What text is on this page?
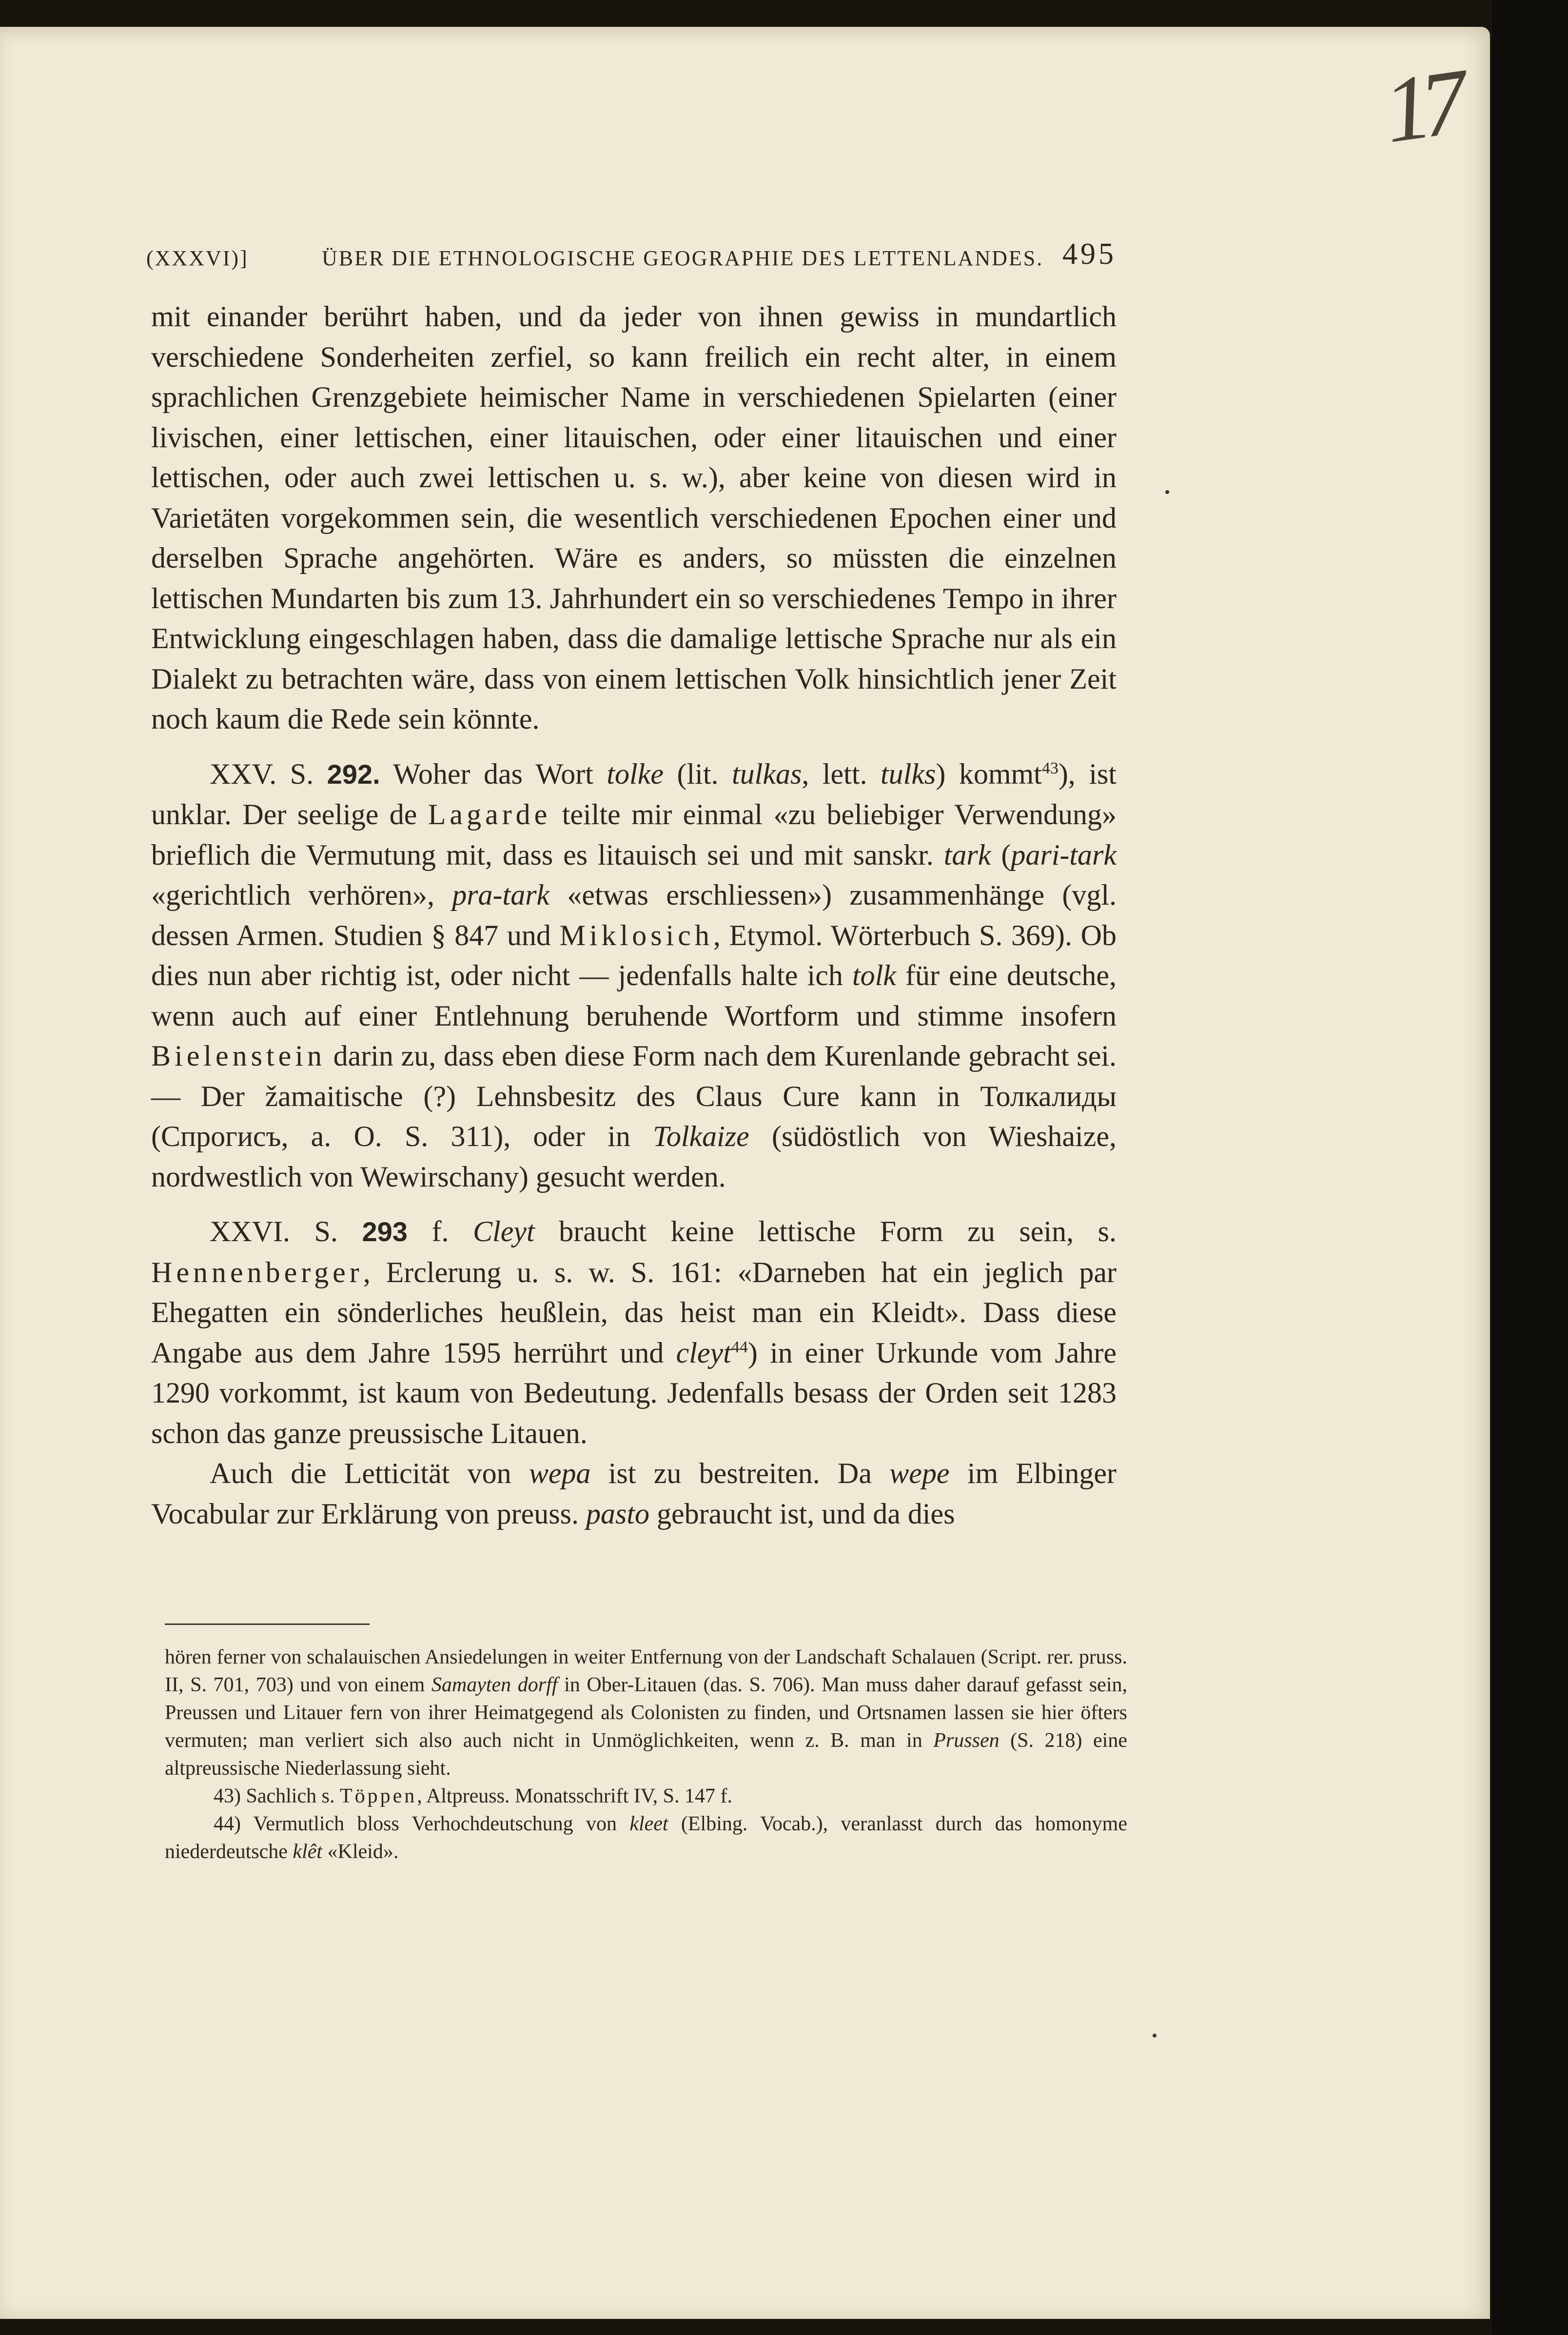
17
(XXXVI)]	ÜBER DIE ETHNOLOGISCHE GEOGRAPHIE DES LETTENLANDES. 495

mit einander berührt haben, und da jeder von ihnen gewiss in mundartlich verschiedene Sonderheiten zerfiel, so kann freilich ein recht alter, in einem sprachlichen Grenzgebiete heimischer Name in verschiedenen Spielarten (einer livischen, einer lettischen, einer litauischen, oder einer litauischen und einer lettischen, oder auch zwei lettischen u. s. w.), aber keine von diesen wird in Varietäten vorgekommen sein, die wesentlich verschiedenen Epochen einer und derselben Sprache angehörten. Wäre es anders, so müssten die einzelnen lettischen Mundarten bis zum 13. Jahrhundert ein so verschiedenes Tempo in ihrer Entwicklung eingeschlagen haben, dass die damalige lettische Sprache nur als ein Dialekt zu betrachten wäre, dass von einem lettischen Volk hinsichtlich jener Zeit noch kaum die Rede sein könnte.

XXV. S. 292. Woher das Wort tolke (lit. tulkas, lett. tulks) kommt$^{43}$), ist unklar. Der seelige de Lagarde teilte mir einmal «zu beliebiger Verwendung» brieflich die Vermutung mit, dass es litauisch sei und mit sanskr. tark (pari-tark «gerichtlich verhören», pra-tark «etwas erschliessen») zusammenhänge (vgl. dessen Armen. Studien § 847 und Miklosich, Etymol. Wörterbuch S. 369). Ob dies nun aber richtig ist, oder nicht — jedenfalls halte ich tolk für eine deutsche, wenn auch auf einer Entlehnung beruhende Wortform und stimme insofern Bielenstein darin zu, dass eben diese Form nach dem Kurenlande gebracht sei. — Der žamaitische (?) Lehnsbesitz des Claus Cure kann in Толкалиды (Спрогисъ, a. O. S. 311), oder in Tolkaize (südöstlich von Wieshaize, nordwestlich von Wewirschany) gesucht werden.

XXVI. S. 293 f. Cleyt braucht keine lettische Form zu sein, s. Hennenberger, Erclerung u. s. w. S. 161: «Darneben hat ein jeglich par Ehegatten ein sönderliches heußlein, das heist man ein Kleidt». Dass diese Angabe aus dem Jahre 1595 herrührt und cleyt$^{44}$) in einer Urkunde vom Jahre 1290 vorkommt, ist kaum von Bedeutung. Jedenfalls besass der Orden seit 1283 schon das ganze preussische Litauen.

Auch die Letticität von wepa ist zu bestreiten. Da wepe im Elbinger Vocabular zur Erklärung von preuss. pasto gebraucht ist, und da dies

hören ferner von schalauischen Ansiedelungen in weiter Entfernung von der Landschaft Schalauen (Script. rer. pruss. II, S. 701, 703) und von einem Samayten dorff in Ober-Litauen (das. S. 706). Man muss daher darauf gefasst sein, Preussen und Litauer fern von ihrer Heimatgegend als Colonisten zu finden, und Ortsnamen lassen sie hier öfters vermuten; man verliert sich also auch nicht in Unmöglichkeiten, wenn z. B. man in Prussen (S. 218) eine altpreussische Niederlassung sieht.

43) Sachlich s. Töppen, Altpreuss. Monatsschrift IV, S. 147 f.

44) Vermutlich bloss Verhochdeutschung von kleet (Elbing. Vocab.), veranlasst durch das homonyme niederdeutsche klêt «Kleid».
